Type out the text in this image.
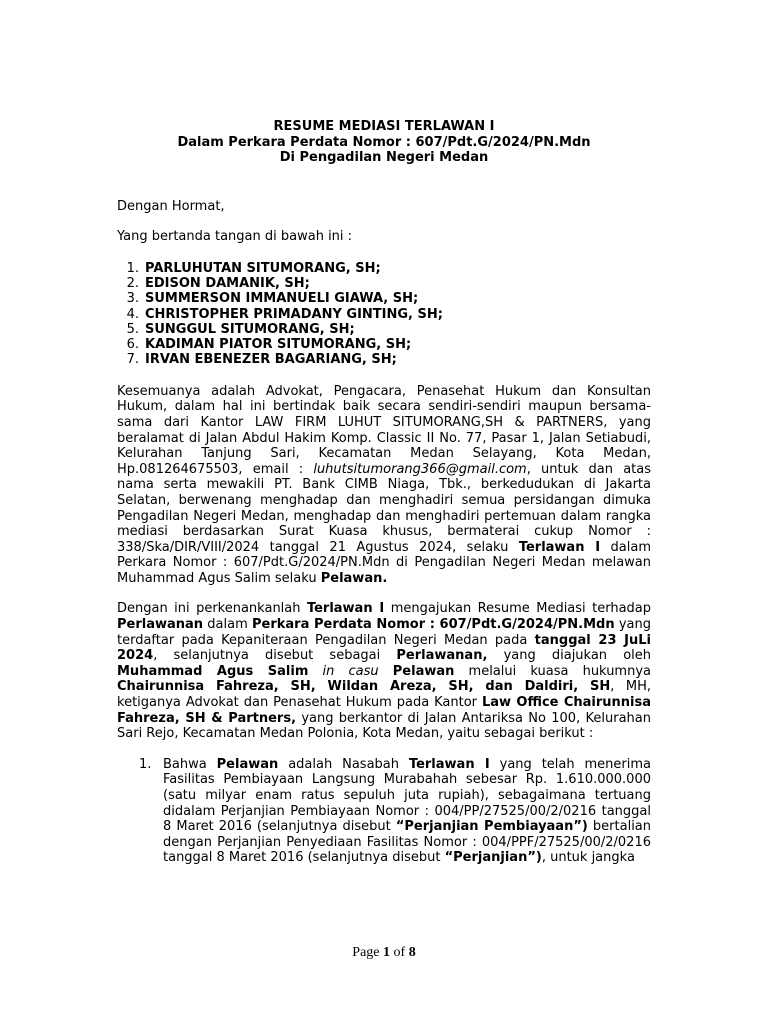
RESUME MEDIASI TERLAWAN I
Dalam Perkara Perdata Nomor : 607/Pdt.G/2024/PN.Mdn
Di Pengadilan Negeri Medan

Dengan Hormat,

Yang bertanda tangan di bawah ini :

1. PARLUHUTAN SITUMORANG, SH;
2. EDISON DAMANIK, SH;
3. SUMMERSON IMMANUELI GIAWA, SH;
4. CHRISTOPHER PRIMADANY GINTING, SH;
5. SUNGGUL SITUMORANG, SH;
6. KADIMAN PIATOR SITUMORANG, SH;
7. IRVAN EBENEZER BAGARIANG, SH;

Kesemuanya adalah Advokat, Pengacara, Penasehat Hukum dan Konsultan Hukum, dalam hal ini bertindak baik secara sendiri-sendiri maupun bersama-sama dari Kantor LAW FIRM LUHUT SITUMORANG,SH & PARTNERS, yang beralamat di Jalan Abdul Hakim Komp. Classic II No. 77, Pasar 1, Jalan Setiabudi, Kelurahan Tanjung Sari, Kecamatan Medan Selayang, Kota Medan, Hp.081264675503, email : luhutsitumorang366@gmail.com, untuk dan atas nama serta mewakili PT. Bank CIMB Niaga, Tbk., berkedudukan di Jakarta Selatan, berwenang menghadap dan menghadiri semua persidangan dimuka Pengadilan Negeri Medan, menghadap dan menghadiri pertemuan dalam rangka mediasi berdasarkan Surat Kuasa khusus, bermaterai cukup Nomor : 338/Ska/DIR/VIII/2024 tanggal 21 Agustus 2024, selaku Terlawan I dalam Perkara Nomor : 607/Pdt.G/2024/PN.Mdn di Pengadilan Negeri Medan melawan Muhammad Agus Salim selaku Pelawan.

Dengan ini perkenankanlah Terlawan I mengajukan Resume Mediasi terhadap Perlawanan dalam Perkara Perdata Nomor : 607/Pdt.G/2024/PN.Mdn yang terdaftar pada Kepaniteraan Pengadilan Negeri Medan pada tanggal 23 JuLi 2024, selanjutnya disebut sebagai Perlawanan, yang diajukan oleh Muhammad Agus Salim in casu Pelawan melalui kuasa hukumnya Chairunnisa Fahreza, SH, Wildan Areza, SH, dan Daldiri, SH, MH, ketiganya Advokat dan Penasehat Hukum pada Kantor Law Office Chairunnisa Fahreza, SH & Partners, yang berkantor di Jalan Antariksa No 100, Kelurahan Sari Rejo, Kecamatan Medan Polonia, Kota Medan, yaitu sebagai berikut :

1. Bahwa Pelawan adalah Nasabah Terlawan I yang telah menerima Fasilitas Pembiayaan Langsung Murabahah sebesar Rp. 1.610.000.000 (satu milyar enam ratus sepuluh juta rupiah), sebagaimana tertuang didalam Perjanjian Pembiayaan Nomor : 004/PP/27525/00/2/0216 tanggal 8 Maret 2016 (selanjutnya disebut “Perjanjian Pembiayaan”) bertalian dengan Perjanjian Penyediaan Fasilitas Nomor : 004/PPF/27525/00/2/0216 tanggal 8 Maret 2016 (selanjutnya disebut “Perjanjian”), untuk jangka

Page 1 of 8
